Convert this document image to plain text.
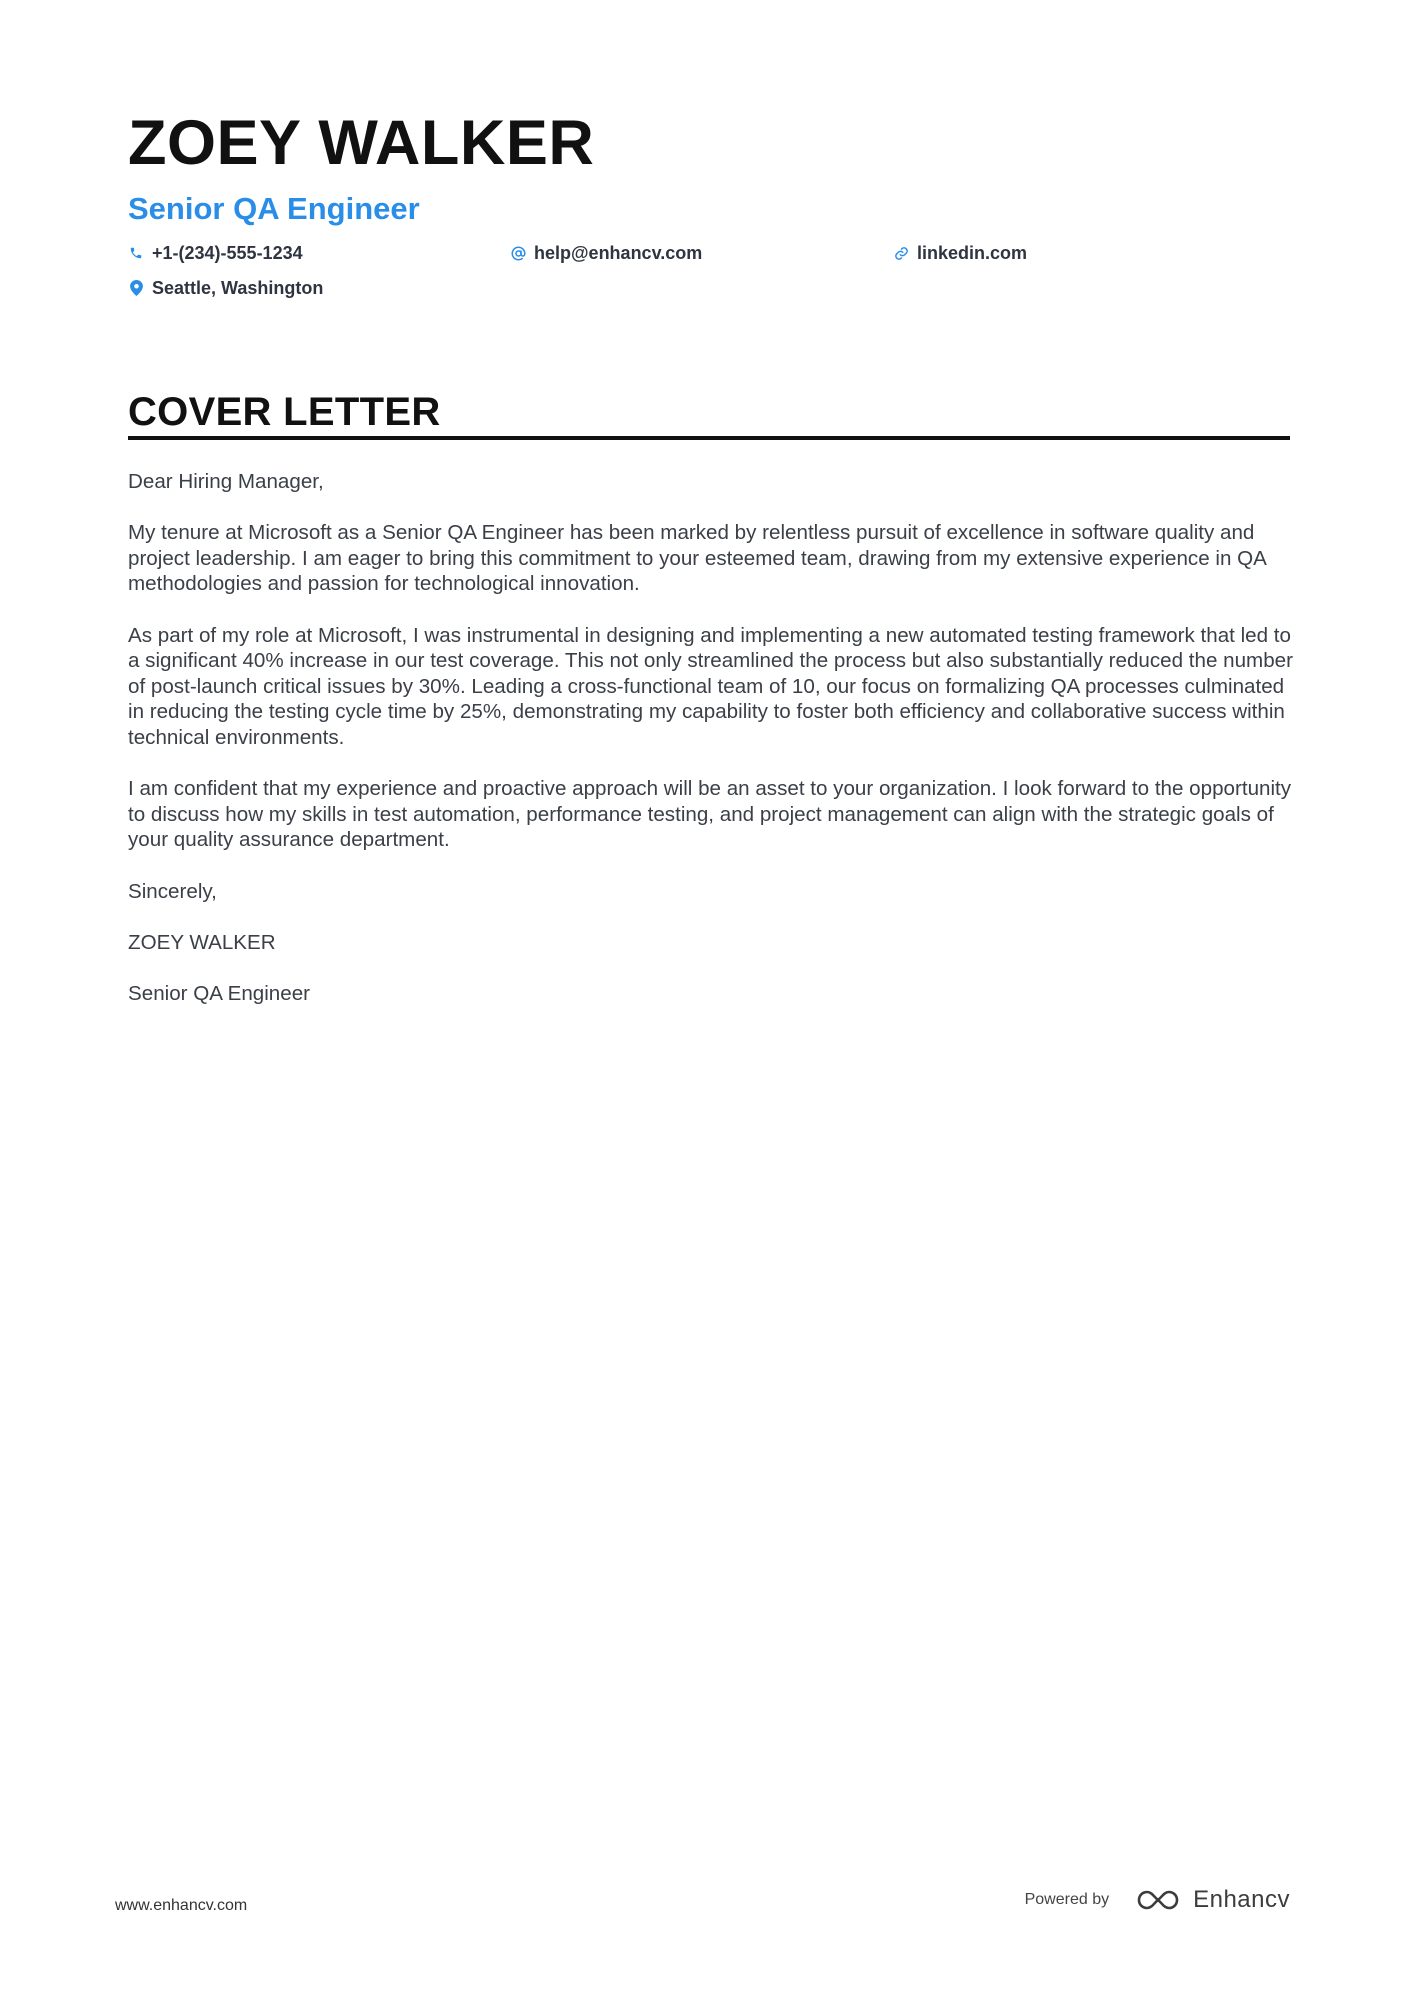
ZOEY WALKER
Senior QA Engineer
+1-(234)-555-1234	help@enhancv.com	linkedin.com
Seattle, Washington
COVER LETTER

Dear Hiring Manager,

My tenure at Microsoft as a Senior QA Engineer has been marked by relentless pursuit of excellence in software quality and project leadership. I am eager to bring this commitment to your esteemed team, drawing from my extensive experience in QA methodologies and passion for technological innovation.

As part of my role at Microsoft, I was instrumental in designing and implementing a new automated testing framework that led to a significant 40% increase in our test coverage. This not only streamlined the process but also substantially reduced the number of post-launch critical issues by 30%. Leading a cross-functional team of 10, our focus on formalizing QA processes culminated in reducing the testing cycle time by 25%, demonstrating my capability to foster both efficiency and collaborative success within technical environments.

I am confident that my experience and proactive approach will be an asset to your organization. I look forward to the opportunity to discuss how my skills in test automation, performance testing, and project management can align with the strategic goals of your quality assurance department.

Sincerely,

ZOEY WALKER

Senior QA Engineer

www.enhancv.com	Powered by	Enhancv
